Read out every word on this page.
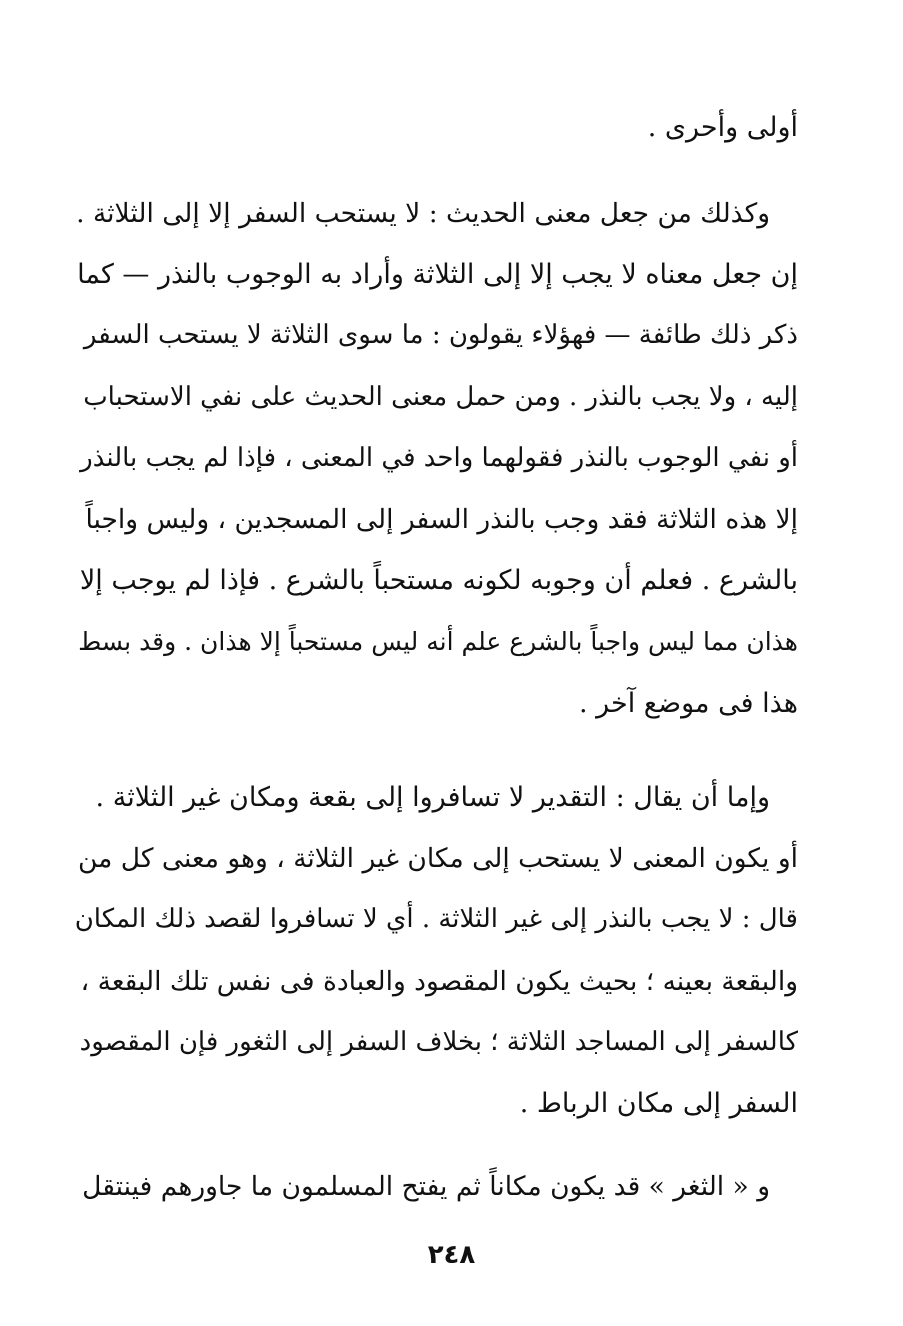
أولى وأحرى .
وكذلك من جعل معنى الحديث : لا يستحب السفر إلا إلى الثلاثة .
إن جعل معناه لا يجب إلا إلى الثلاثة وأراد به الوجوب بالنذر — كما
ذكر ذلك طائفة — فهؤلاء يقولون : ما سوى الثلاثة لا يستحب السفر
إليه ، ولا يجب بالنذر . ومن حمل معنى الحديث على نفي الاستحباب
أو نفي الوجوب بالنذر فقولهما واحد في المعنى ، فإذا لم يجب بالنذر
إلا هذه الثلاثة فقد وجب بالنذر السفر إلى المسجدين ، وليس واجباً
بالشرع . فعلم أن وجوبه لكونه مستحباً بالشرع . فإذا لم يوجب إلا
هذان مما ليس واجباً بالشرع علم أنه ليس مستحباً إلا هذان . وقد بسط
هذا فى موضع آخر .
وإما أن يقال : التقدير لا تسافروا إلى بقعة ومكان غير الثلاثة .
أو يكون المعنى لا يستحب إلى مكان غير الثلاثة ، وهو معنى كل من
قال : لا يجب بالنذر إلى غير الثلاثة . أي لا تسافروا لقصد ذلك المكان
والبقعة بعينه ؛ بحيث يكون المقصود والعبادة فى نفس تلك البقعة ،
كالسفر إلى المساجد الثلاثة ؛ بخلاف السفر إلى الثغور فإن المقصود
السفر إلى مكان الرباط .
و « الثغر » قد يكون مكاناً ثم يفتح المسلمون ما جاورهم فينتقل
٢٤٨
